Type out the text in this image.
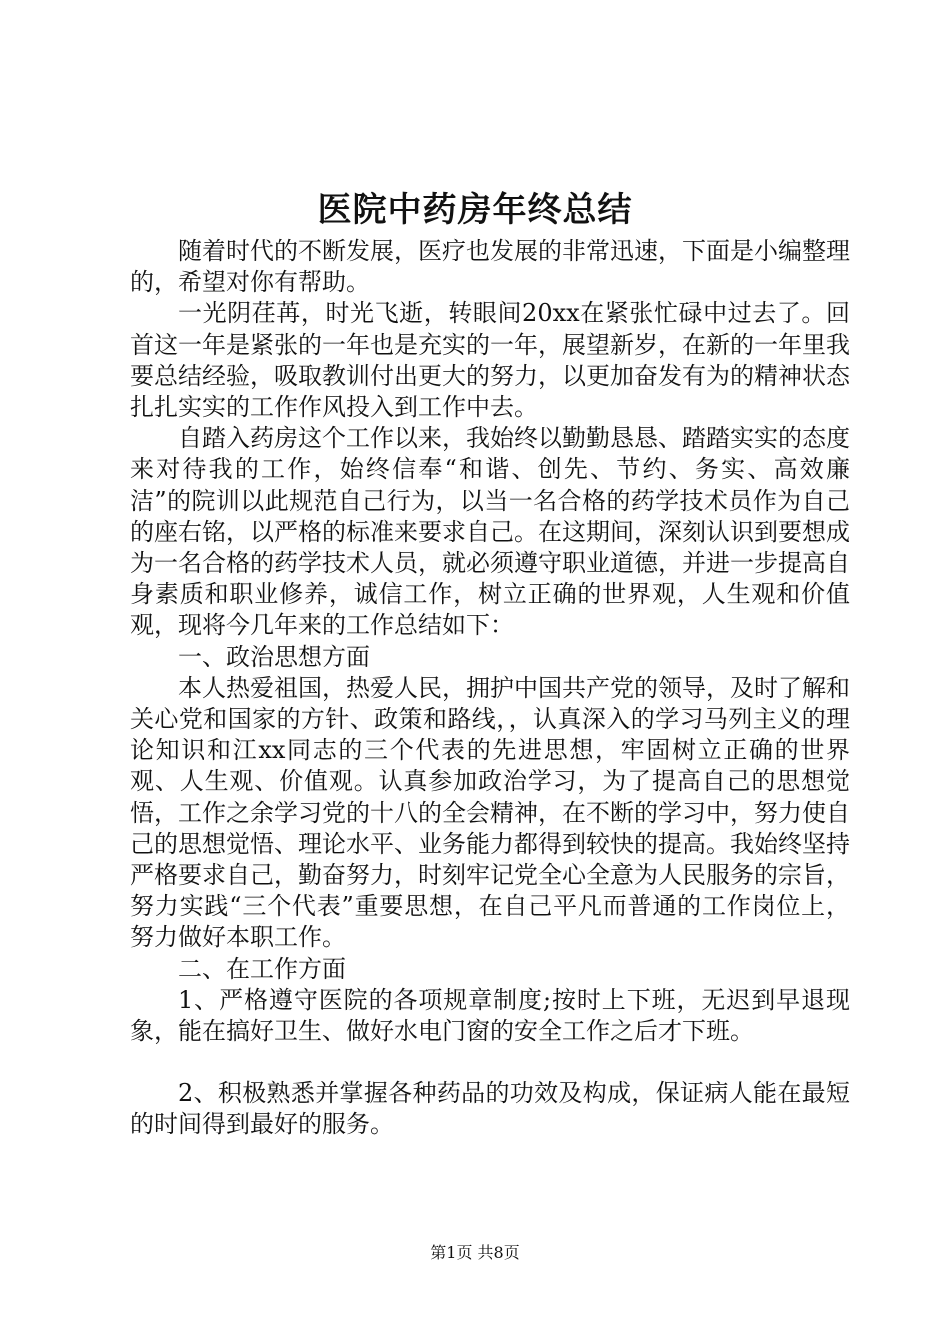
医院中药房年终总结

随着时代的不断发展，医疗也发展的非常迅速，下面是小编整理的，希望对你有帮助。

一光阴荏苒，时光飞逝，转眼间20xx在紧张忙碌中过去了。回首这一年是紧张的一年也是充实的一年，展望新岁，在新的一年里我要总结经验，吸取教训付出更大的努力，以更加奋发有为的精神状态扎扎实实的工作作风投入到工作中去。

自踏入药房这个工作以来，我始终以勤勤恳恳、踏踏实实的态度来对待我的工作，始终信奉“和谐、创先、节约、务实、高效廉洁”的院训以此规范自己行为，以当一名合格的药学技术员作为自己的座右铭，以严格的标准来要求自己。在这期间，深刻认识到要想成为一名合格的药学技术人员，就必须遵守职业道德，并进一步提高自身素质和职业修养，诚信工作，树立正确的世界观，人生观和价值观，现将今几年来的工作总结如下：

一、政治思想方面

本人热爱祖国，热爱人民，拥护中国共产党的领导，及时了解和关心党和国家的方针、政策和路线，，认真深入的学习马列主义的理论知识和江xx同志的三个代表的先进思想，牢固树立正确的世界观、人生观、价值观。认真参加政治学习，为了提高自己的思想觉悟，工作之余学习党的十八的全会精神，在不断的学习中，努力使自己的思想觉悟、理论水平、业务能力都得到较快的提高。我始终坚持严格要求自己，勤奋努力，时刻牢记党全心全意为人民服务的宗旨，努力实践“三个代表”重要思想，在自己平凡而普通的工作岗位上，努力做好本职工作。

二、在工作方面

1、严格遵守医院的各项规章制度;按时上下班，无迟到早退现象，能在搞好卫生、做好水电门窗的安全工作之后才下班。

2、积极熟悉并掌握各种药品的功效及构成，保证病人能在最短的时间得到最好的服务。

第1页 共8页
